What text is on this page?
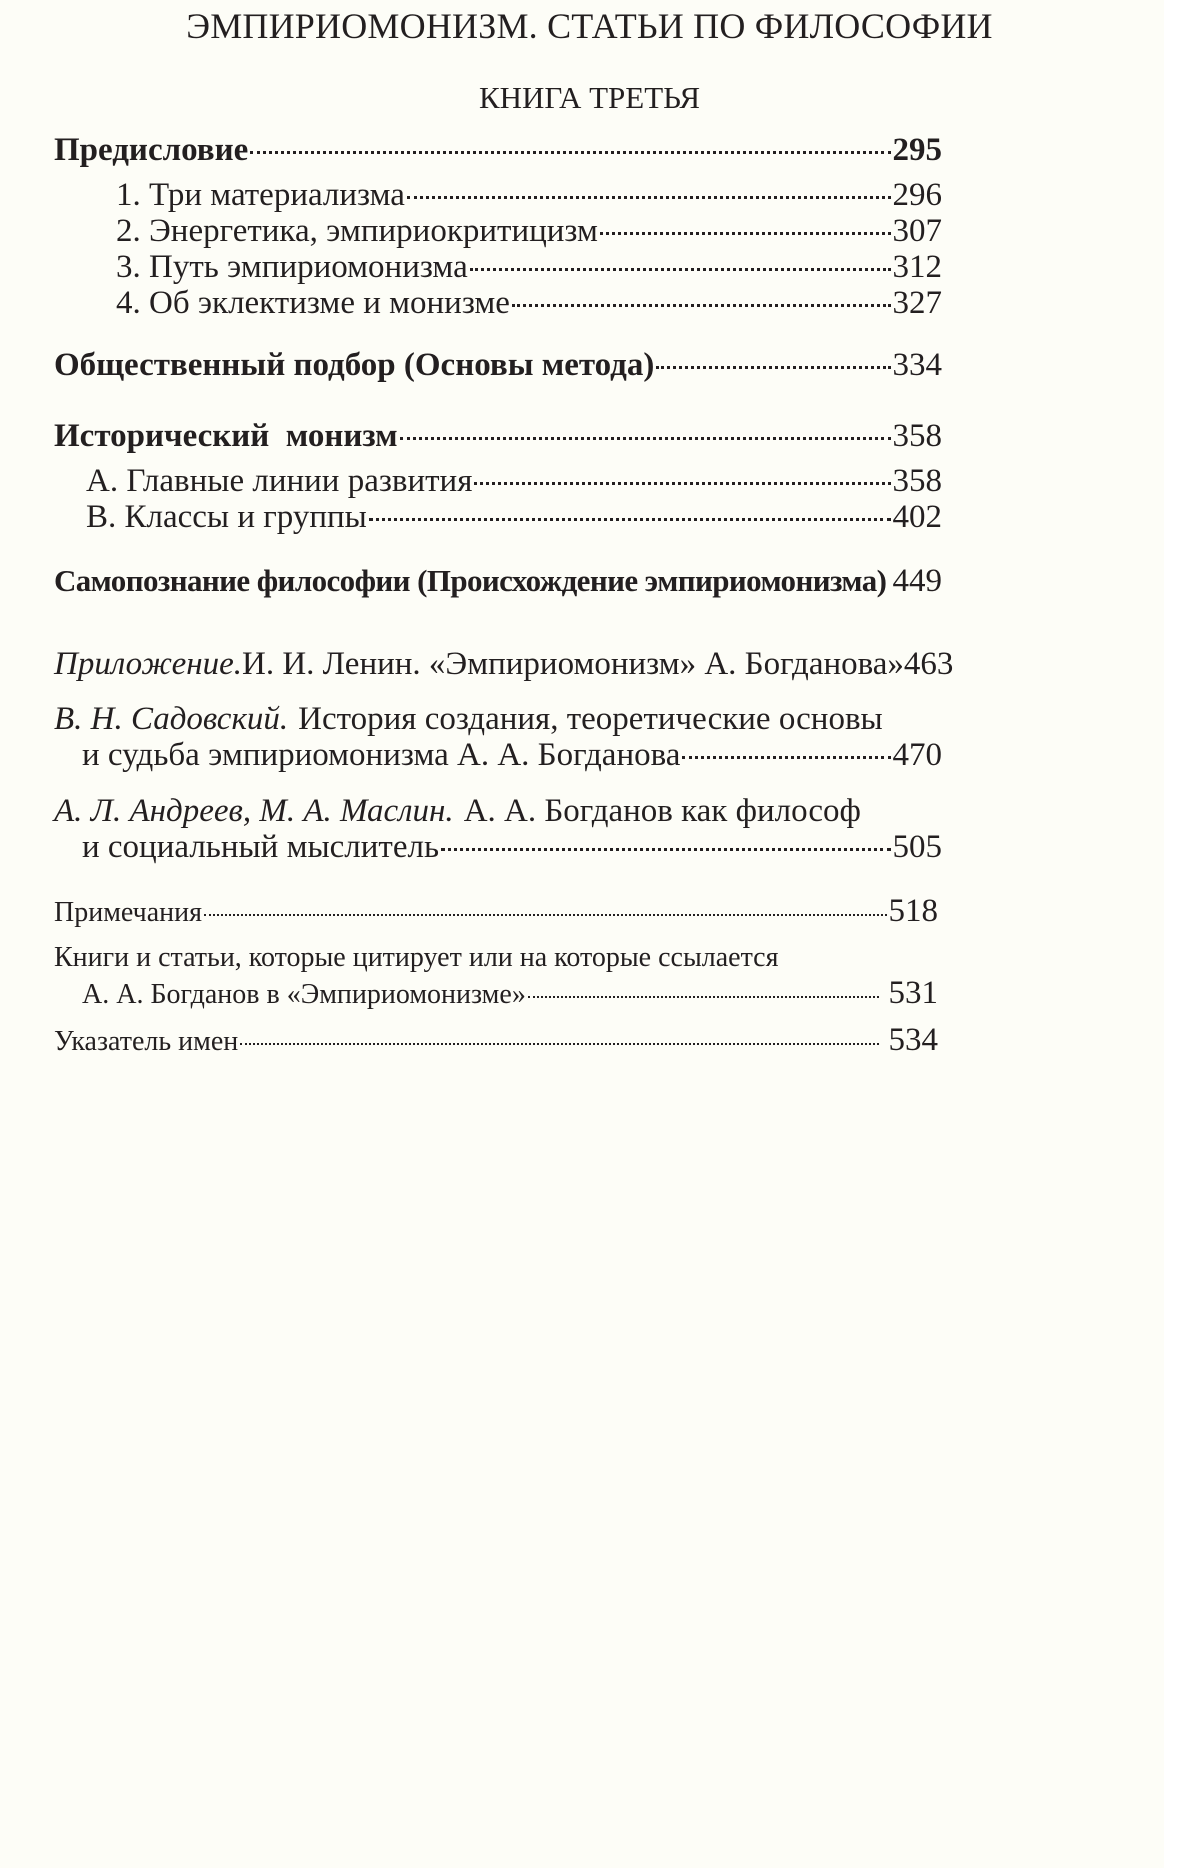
ЭМПИРИОМОНИЗМ. СТАТЬИ ПО ФИЛОСОФИИ
КНИГА ТРЕТЬЯ
Предисловие	295
1. Три материализма	296
2. Энергетика, эмпириокритицизм	307
3. Путь эмпириомонизма	312
4. Об эклектизме и монизме	327
Общественный подбор (Основы метода)	334
Исторический  монизм	358
А. Главные линии развития	358
В. Классы и группы	402
Самопознание философии (Происхождение эмпириомонизма) 449
Приложение. И. И. Ленин. «Эмпириомонизм» А. Богданова» 463
В. Н. Садовский. История создания, теоретические основы
и судьба эмпириомонизма А. А. Богданова	470
А. Л. Андреев, М. А. Маслин. А. А. Богданов как философ
и социальный мыслитель	505
Примечания	518
Книги и статьи, которые цитирует или на которые ссылается
А. А. Богданов в «Эмпириомонизме»	531
Указатель имен	534
